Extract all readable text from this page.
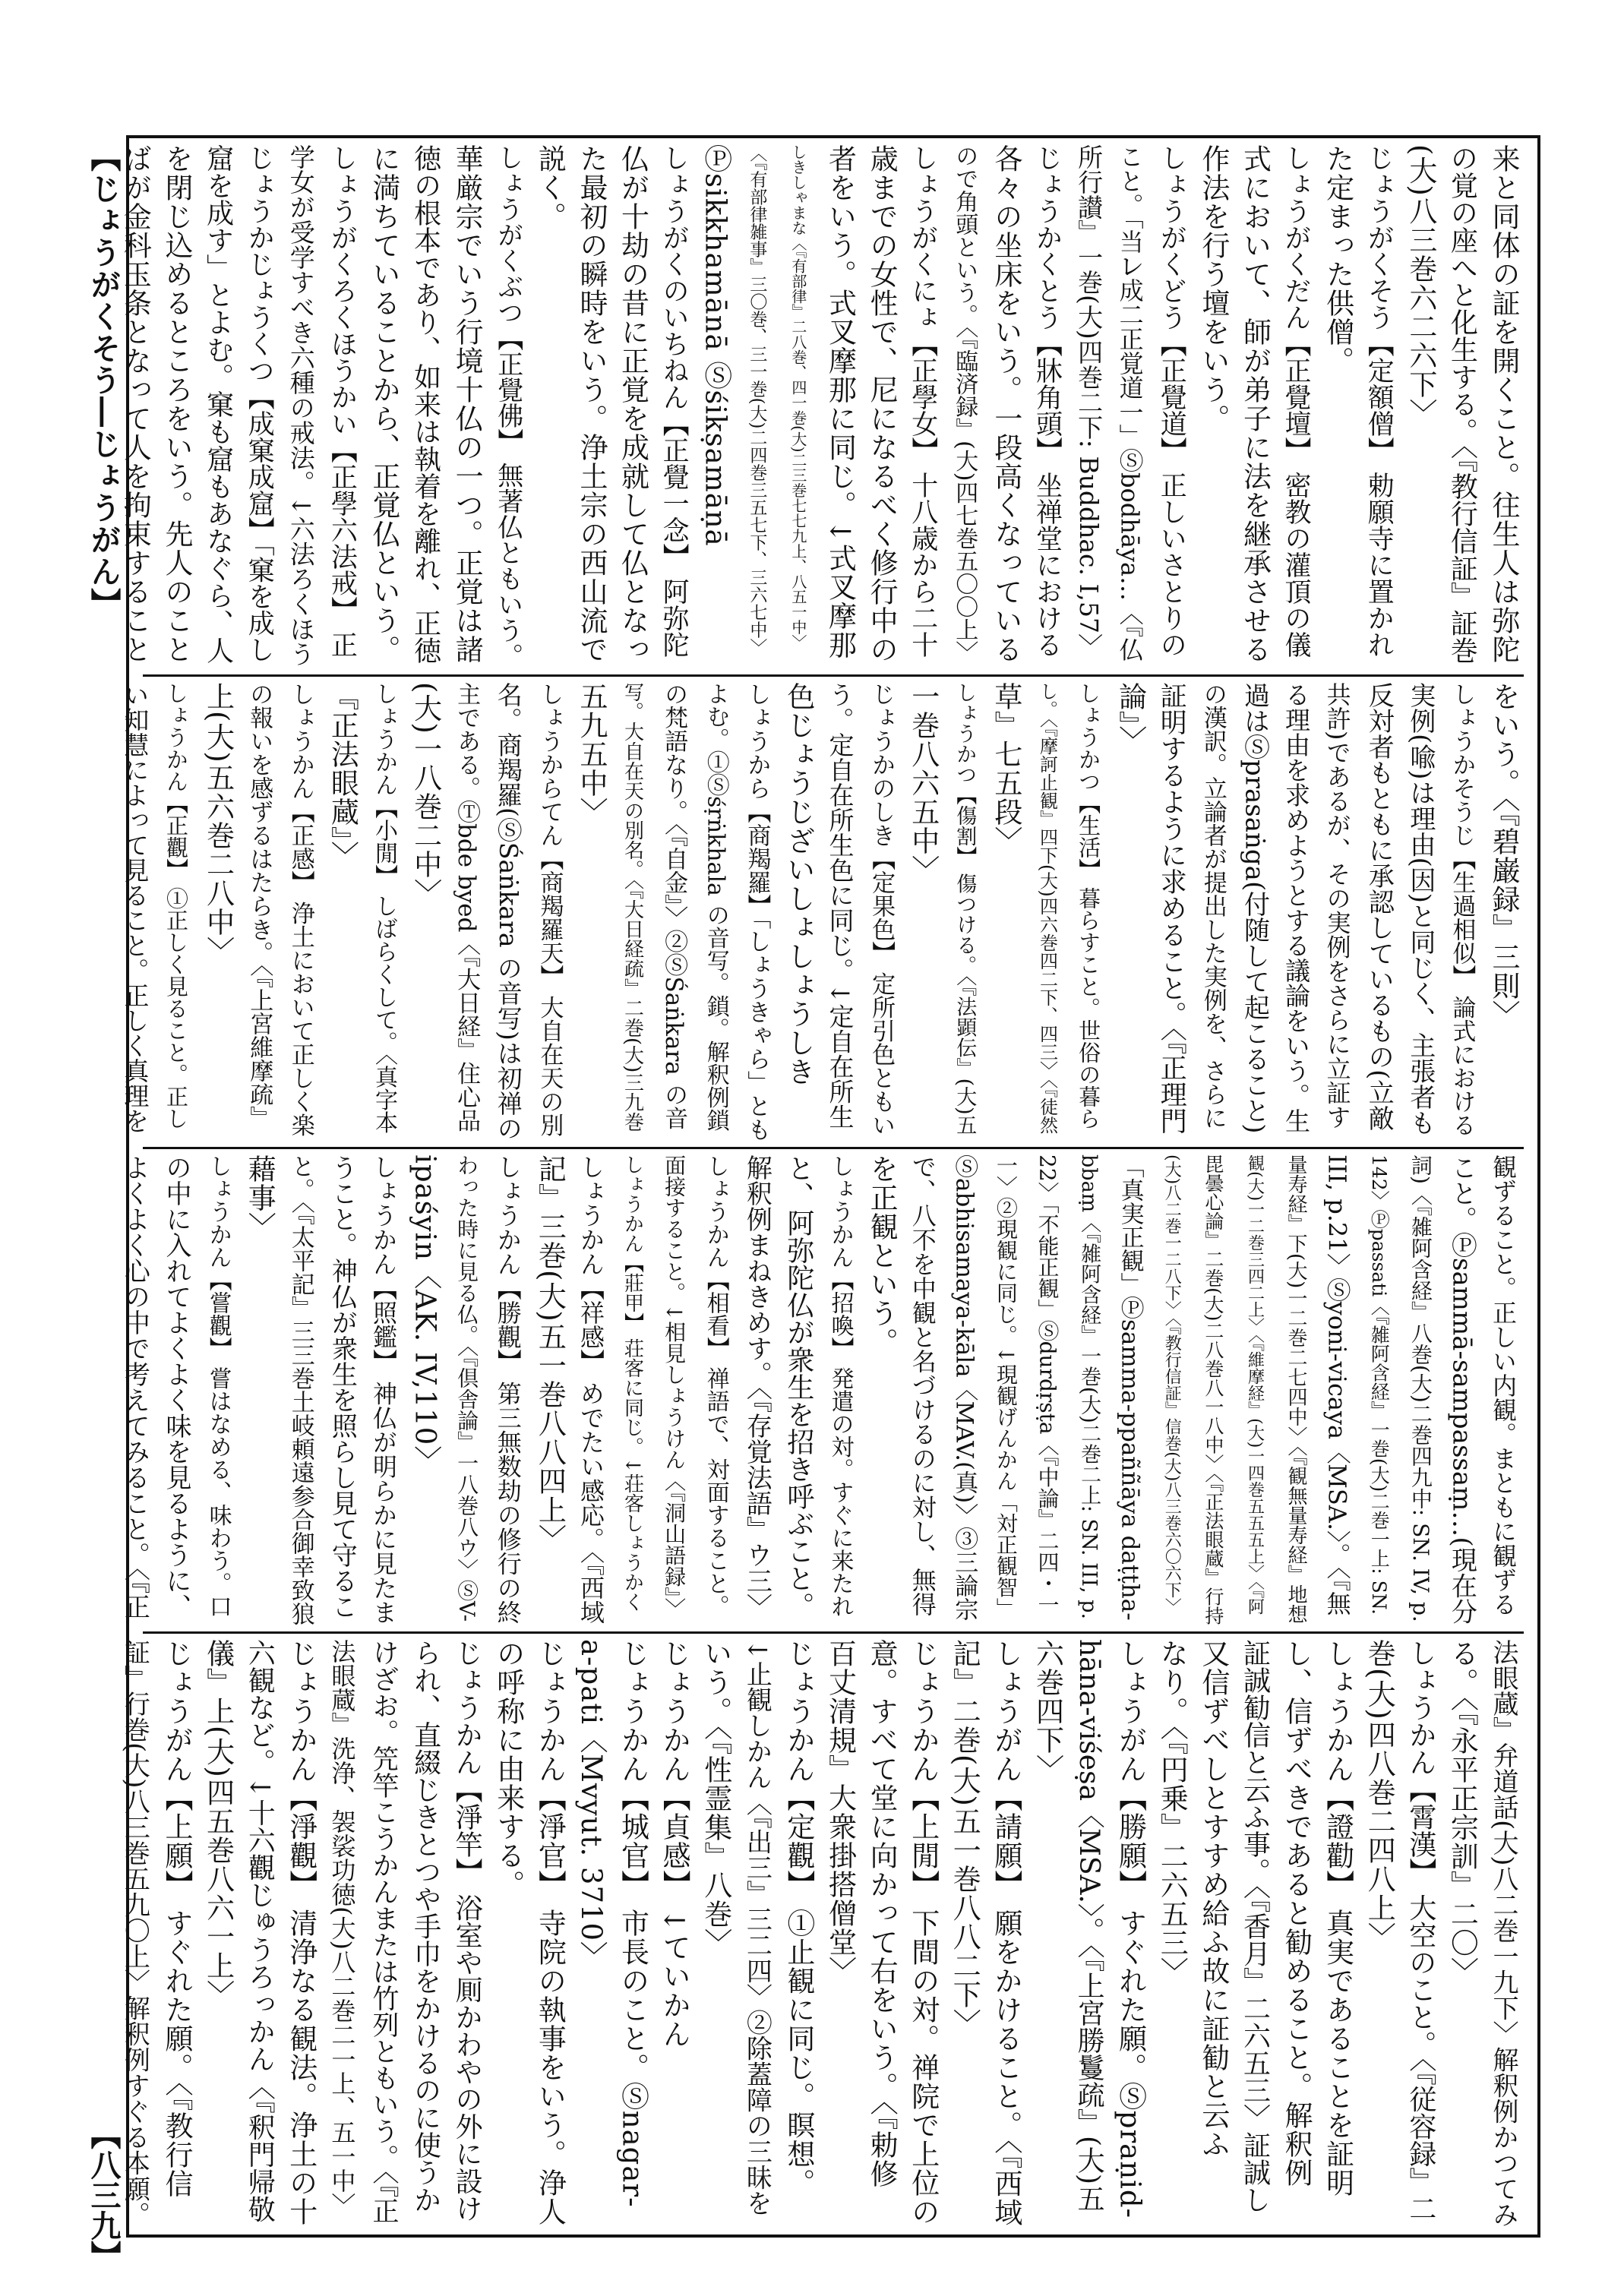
【じょうがくそう―じょうがん】
【八三九】
来と同体の証を開くこと。往生人は弥陀
の覚の座へと化生する。〈『教行信証』証巻
(大)八三巻六二六下〉
じょうがくそう【定額僧】 勅願寺に置かれ
た定まった供僧。
しょうがくだん【正覺壇】 密教の灌頂の儀
式において、師が弟子に法を継承させる
作法を行う壇をいう。
しょうがくどう【正覺道】 正しいさとりの
こと。「当㆑成㆓正覚道㆒」Ⓢbodhāya…〈『仏
所行讃』一巻(大)四巻二下: Buddhac. I,57〉
じょうかくとう【牀角頭】 坐禅堂における
各々の坐床をいう。一段高くなっている
ので角頭という。〈『臨済録』(大)四七巻五〇〇上〉
しょうがくにょ【正學女】 十八歳から二十
歳までの女性で、尼になるべく修行中の
者をいう。式叉摩那に同じ。↓式叉摩那
しきしゃまな〈『有部律』二八巻、四一巻(大)二三巻七七九上、八五一中〉
〈『有部律雑事』三〇巻、三一巻(大)二四巻三五七下、三六七中〉
Ⓟsikkhamānā Ⓢśikṣamāṇā
しょうがくのいちねん【正覺一念】 阿弥陀
仏が十劫の昔に正覚を成就して仏となっ
た最初の瞬時をいう。浄土宗の西山流で
説く。
しょうがくぶつ【正覺佛】 無著仏ともいう。
華厳宗でいう行境十仏の一つ。正覚は諸
徳の根本であり、如来は執着を離れ、正徳
に満ちていることから、正覚仏という。
しょうがくろくほうかい【正學六法戒】 正
学女が受学すべき六種の戒法。↓六法ろくほう
じょうかじょうくつ【成窠成窟】「窠を成し
窟を成す」とよむ。窠も窟もあなぐら、人
を閉じ込めるところをいう。先人のこと
ばが金科玉条となって人を拘束すること
をいう。〈『碧巌録』三則〉
しょうかそうじ【生過相似】 論式における
実例(喩)は理由(因)と同じく、主張者も
反対者もともに承認しているもの(立敵
共許)であるが、その実例をさらに立証す
る理由を求めようとする議論をいう。生
過はⓈprasaṅga(付随して起こること)
の漢訳。立論者が提出した実例を、さらに
証明するように求めること。〈『正理門
論』〉
しょうかつ【生活】 暮らすこと。世俗の暮ら
し。〈『摩訶止観』四下(大)四六巻四二下、四三〉〈『徒然
草』七五段〉
しょうかつ【傷割】 傷つける。〈『法顕伝』(大)五
一巻八六五中〉
じょうかのしき【定果色】 定所引色ともい
う。定自在所生色に同じ。↓定自在所生
色じょうじざいしょしょうしき
しょうから【商羯羅】「しょうきゃら」とも
よむ。①Ⓢśṛṅkhala の音写。鎖。解釈例鎖
の梵語なり。〈『自金』〉②ⓈŚaṅkara の音
写。大自在天の別名。〈『大日経疏』二巻(大)三九巻
五九五中〉
しょうからてん【商羯羅天】 大自在天の別
名。商羯羅(ⓈŚaṅkara の音写)は初禅の
主である。Ⓣbde byed〈『大日経』住心品
(大)一八巻二中〉
しょうかん【小閒】 しばらくして。〈真字本
『正法眼蔵』〉
しょうかん【正感】 浄土において正しく楽
の報いを感ずるはたらき。〈『上宮維摩疏』
上(大)五六巻二八中〉
しょうかん【正觀】 ①正しく見ること。正し
い知慧によって見ること。正しく真理を
観ずること。正しい内観。まともに観ずる
こと。Ⓟsammā-sampassaṃ…(現在分
詞)〈『雑阿含経』八巻(大)二巻四九中: SN. IV, p.
142〉Ⓟpassati〈『雑阿含経』一巻(大)二巻一上: SN.
III, p.21〉Ⓢyoni-vicaya〈MSA.〉。〈『無
量寿経』下(大)一二巻二七四中〉〈『観無量寿経』地想
観(大)一二巻三四二上〉〈『維摩経』(大)一四巻五五五上〉〈『阿
毘曇心論』二巻(大)二八巻八一八中〉〈『正法眼蔵』行持
(大)八二巻一二八下〉〈『教行信証』信巻(大)八三巻六〇六下〉
「真実正観」Ⓟsamma-ppaññāya daṭṭha-
bbaṃ〈『雑阿含経』一巻(大)二巻二上: SN. III, p.
22〉「不能正観」Ⓢdurdṛṣṭa〈『中論』二四・一
一〉②現観に同じ。↓現観げんかん「対正観智」
Ⓢabhisamaya-kāla〈MAV.(真)〉③三論宗
で、八不を中観と名づけるのに対し、無得
を正観という。
しょうかん【招喚】 発遣の対。すぐに来たれ
と、阿弥陀仏が衆生を招き呼ぶこと。
解釈例まねきめす。〈『存覚法語』ウ三〉
しょうかん【相看】 禅語で、対面すること。
面接すること。↓相見しょうけん〈『洞山語録』〉
しょうかん【莊甲】 荘客に同じ。↓荘客しょうかく
しょうかん【祥感】 めでたい感応。〈『西域
記』三巻(大)五一巻八八四上〉
しょうかん【勝觀】 第三無数劫の修行の終
わった時に見る仏。〈『倶舎論』一八巻八ウ〉ⓈV-
ipaśyin〈AK. IV,110〉
しょうかん【照鑑】 神仏が明らかに見たま
うこと。神仏が衆生を照らし見て守るこ
と。〈『太平記』三三巻土岐頼遠参合御幸致狼
藉事〉
しょうかん【嘗觀】 嘗はなめる、味わう。口
の中に入れてよくよく味を見るように、
よくよく心の中で考えてみること。〈『正
法眼蔵』弁道話(大)八二巻一九下〉解釈例かつてみ
る。〈『永平正宗訓』二〇〉
しょうかん【霄漢】 大空のこと。〈『従容録』二
巻(大)四八巻二四八上〉
しょうかん【證勸】 真実であることを証明
し、信ずべきであると勧めること。解釈例
証誠勧信と云ふ事。〈『香月』二六五三〉証誠し
又信ずべしとすすめ給ふ故に証勧と云ふ
なり。〈『円乗』二六五三〉
しょうがん【勝願】 すぐれた願。Ⓢpraṇid-
hāna-viśeṣa〈MSA.〉。〈『上宮勝鬘疏』(大)五
六巻四下〉
しょうがん【請願】 願をかけること。〈『西域
記』二巻(大)五一巻八八二下〉
じょうかん【上閒】 下間の対。禅院で上位の
意。すべて堂に向かって右をいう。〈『勅修
百丈清規』大衆掛搭僧堂〉
じょうかん【定觀】 ①止観に同じ。瞑想。
↓止観しかん〈『出三』三二四〉②除蓋障の三昧を
いう。〈『性霊集』八巻〉
じょうかん【貞感】 ↓ていかん
じょうかん【城官】 市長のこと。Ⓢnagar-
a-pati〈Mvyut. 3710〉
じょうかん【淨官】 寺院の執事をいう。浄人
の呼称に由来する。
じょうかん【淨竿】 浴室や厠かわやの外に設け
られ、直綴じきとつや手巾をかけるのに使うか
けざお。笐竿こうかんまたは竹列ともいう。〈『正
法眼蔵』洗浄、袈裟功徳(大)八二巻二一上、五一中〉
じょうかん【淨觀】 清浄なる観法。浄土の十
六観など。↓十六觀じゅうろっかん〈『釈門帰敬
儀』上(大)四五巻八六一上〉
じょうがん【上願】 すぐれた願。〈『教行信
証』行巻(大)八三巻五九〇上〉解釈例すぐる本願。
